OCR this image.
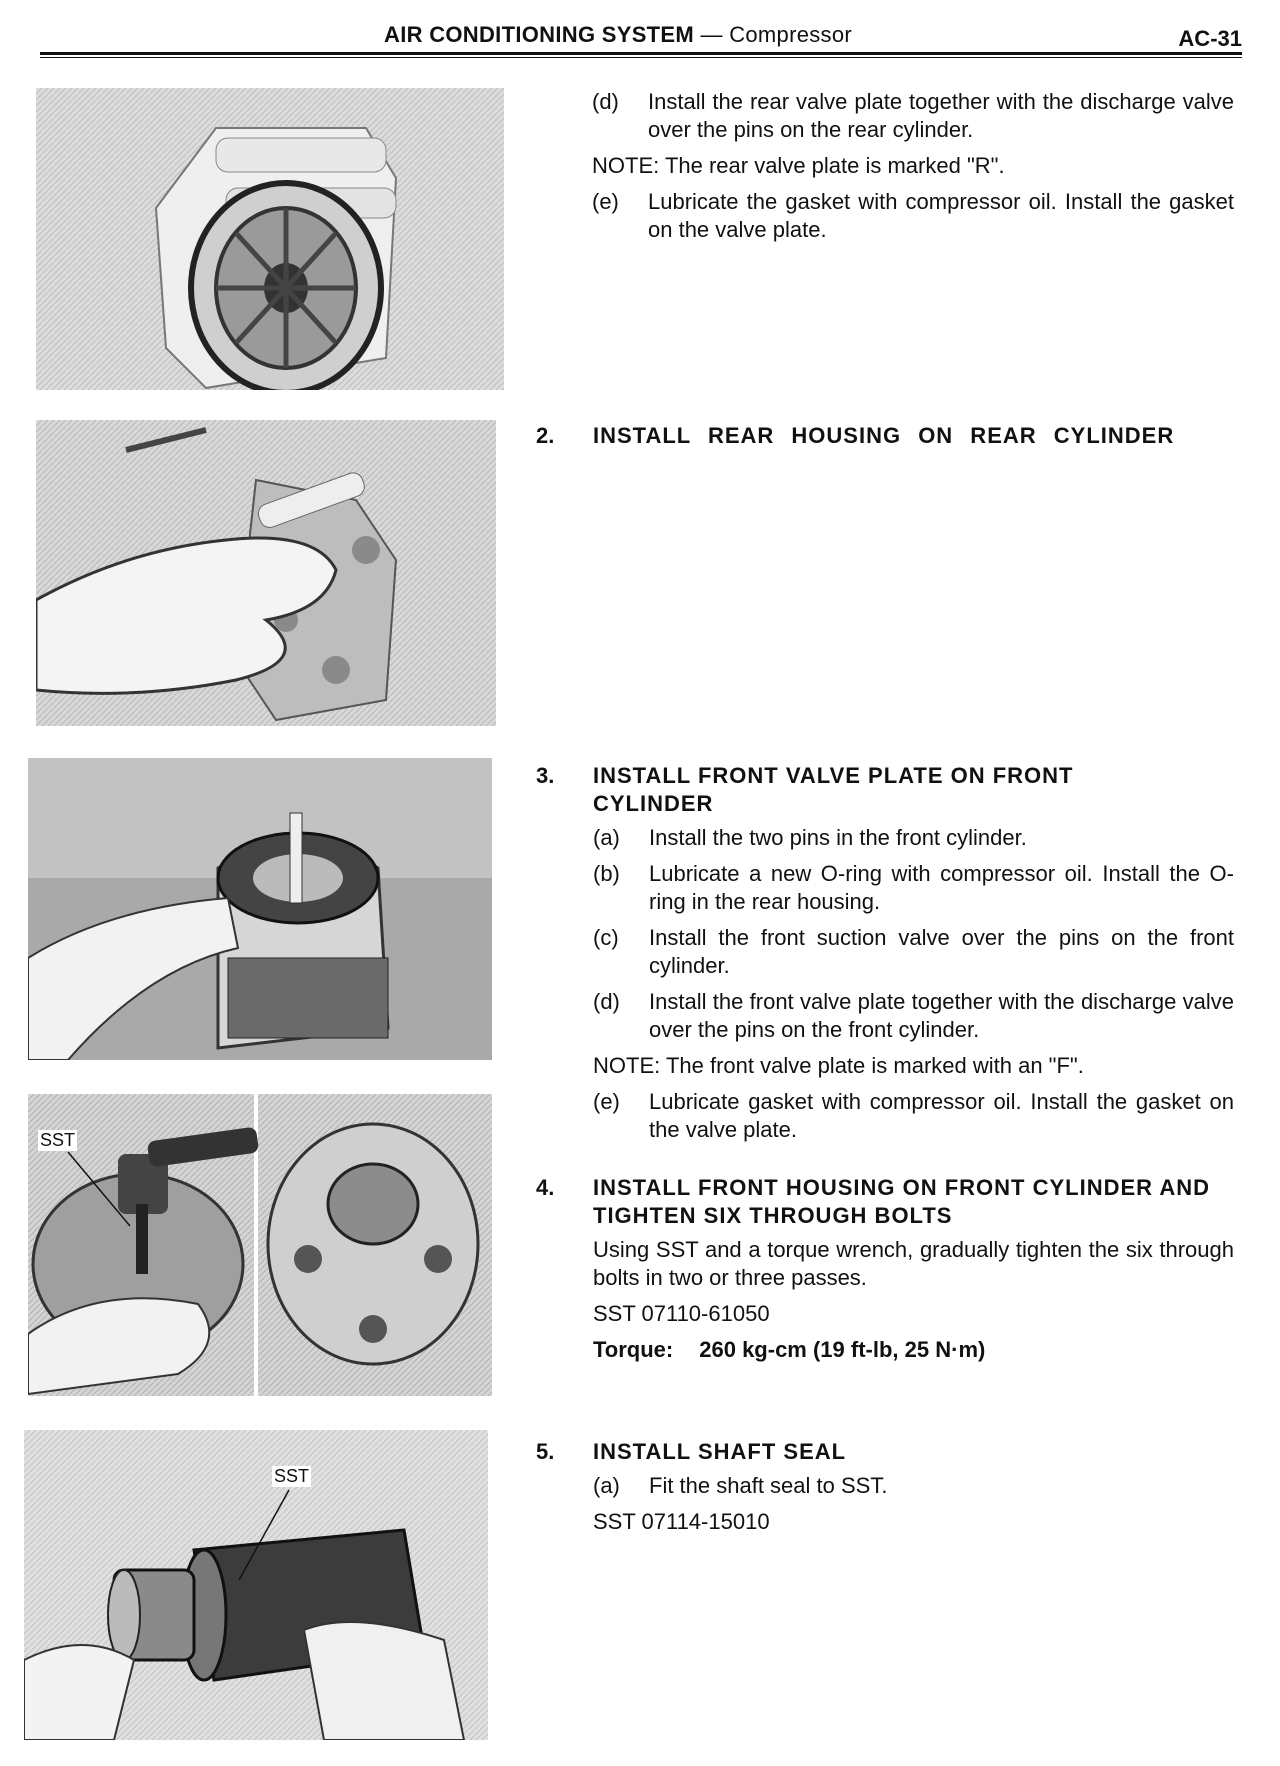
AIR CONDITIONING SYSTEM — Compressor	AC-31
SST
SST
(d)	Install the rear valve plate together with the discharge valve over the pins on the rear cylinder.
NOTE: The rear valve plate is marked "R".
(e)	Lubricate the gasket with compressor oil. Install the gasket on the valve plate.
2. INSTALL REAR HOUSING ON REAR CYLINDER
3. INSTALL FRONT VALVE PLATE ON FRONT CYLINDER
(a)	Install the two pins in the front cylinder.
(b)	Lubricate a new O-ring with compressor oil. Install the O-ring in the rear housing.
(c)	Install the front suction valve over the pins on the front cylinder.
(d)	Install the front valve plate together with the discharge valve over the pins on the front cylinder.
NOTE: The front valve plate is marked with an "F".
(e)	Lubricate gasket with compressor oil. Install the gasket on the valve plate.
4. INSTALL FRONT HOUSING ON FRONT CYLINDER AND TIGHTEN SIX THROUGH BOLTS
Using SST and a torque wrench, gradually tighten the six through bolts in two or three passes.
SST 07110-61050
Torque: 260 kg-cm (19 ft-lb, 25 N·m)
5. INSTALL SHAFT SEAL
(a)	Fit the shaft seal to SST.
SST 07114-15010
